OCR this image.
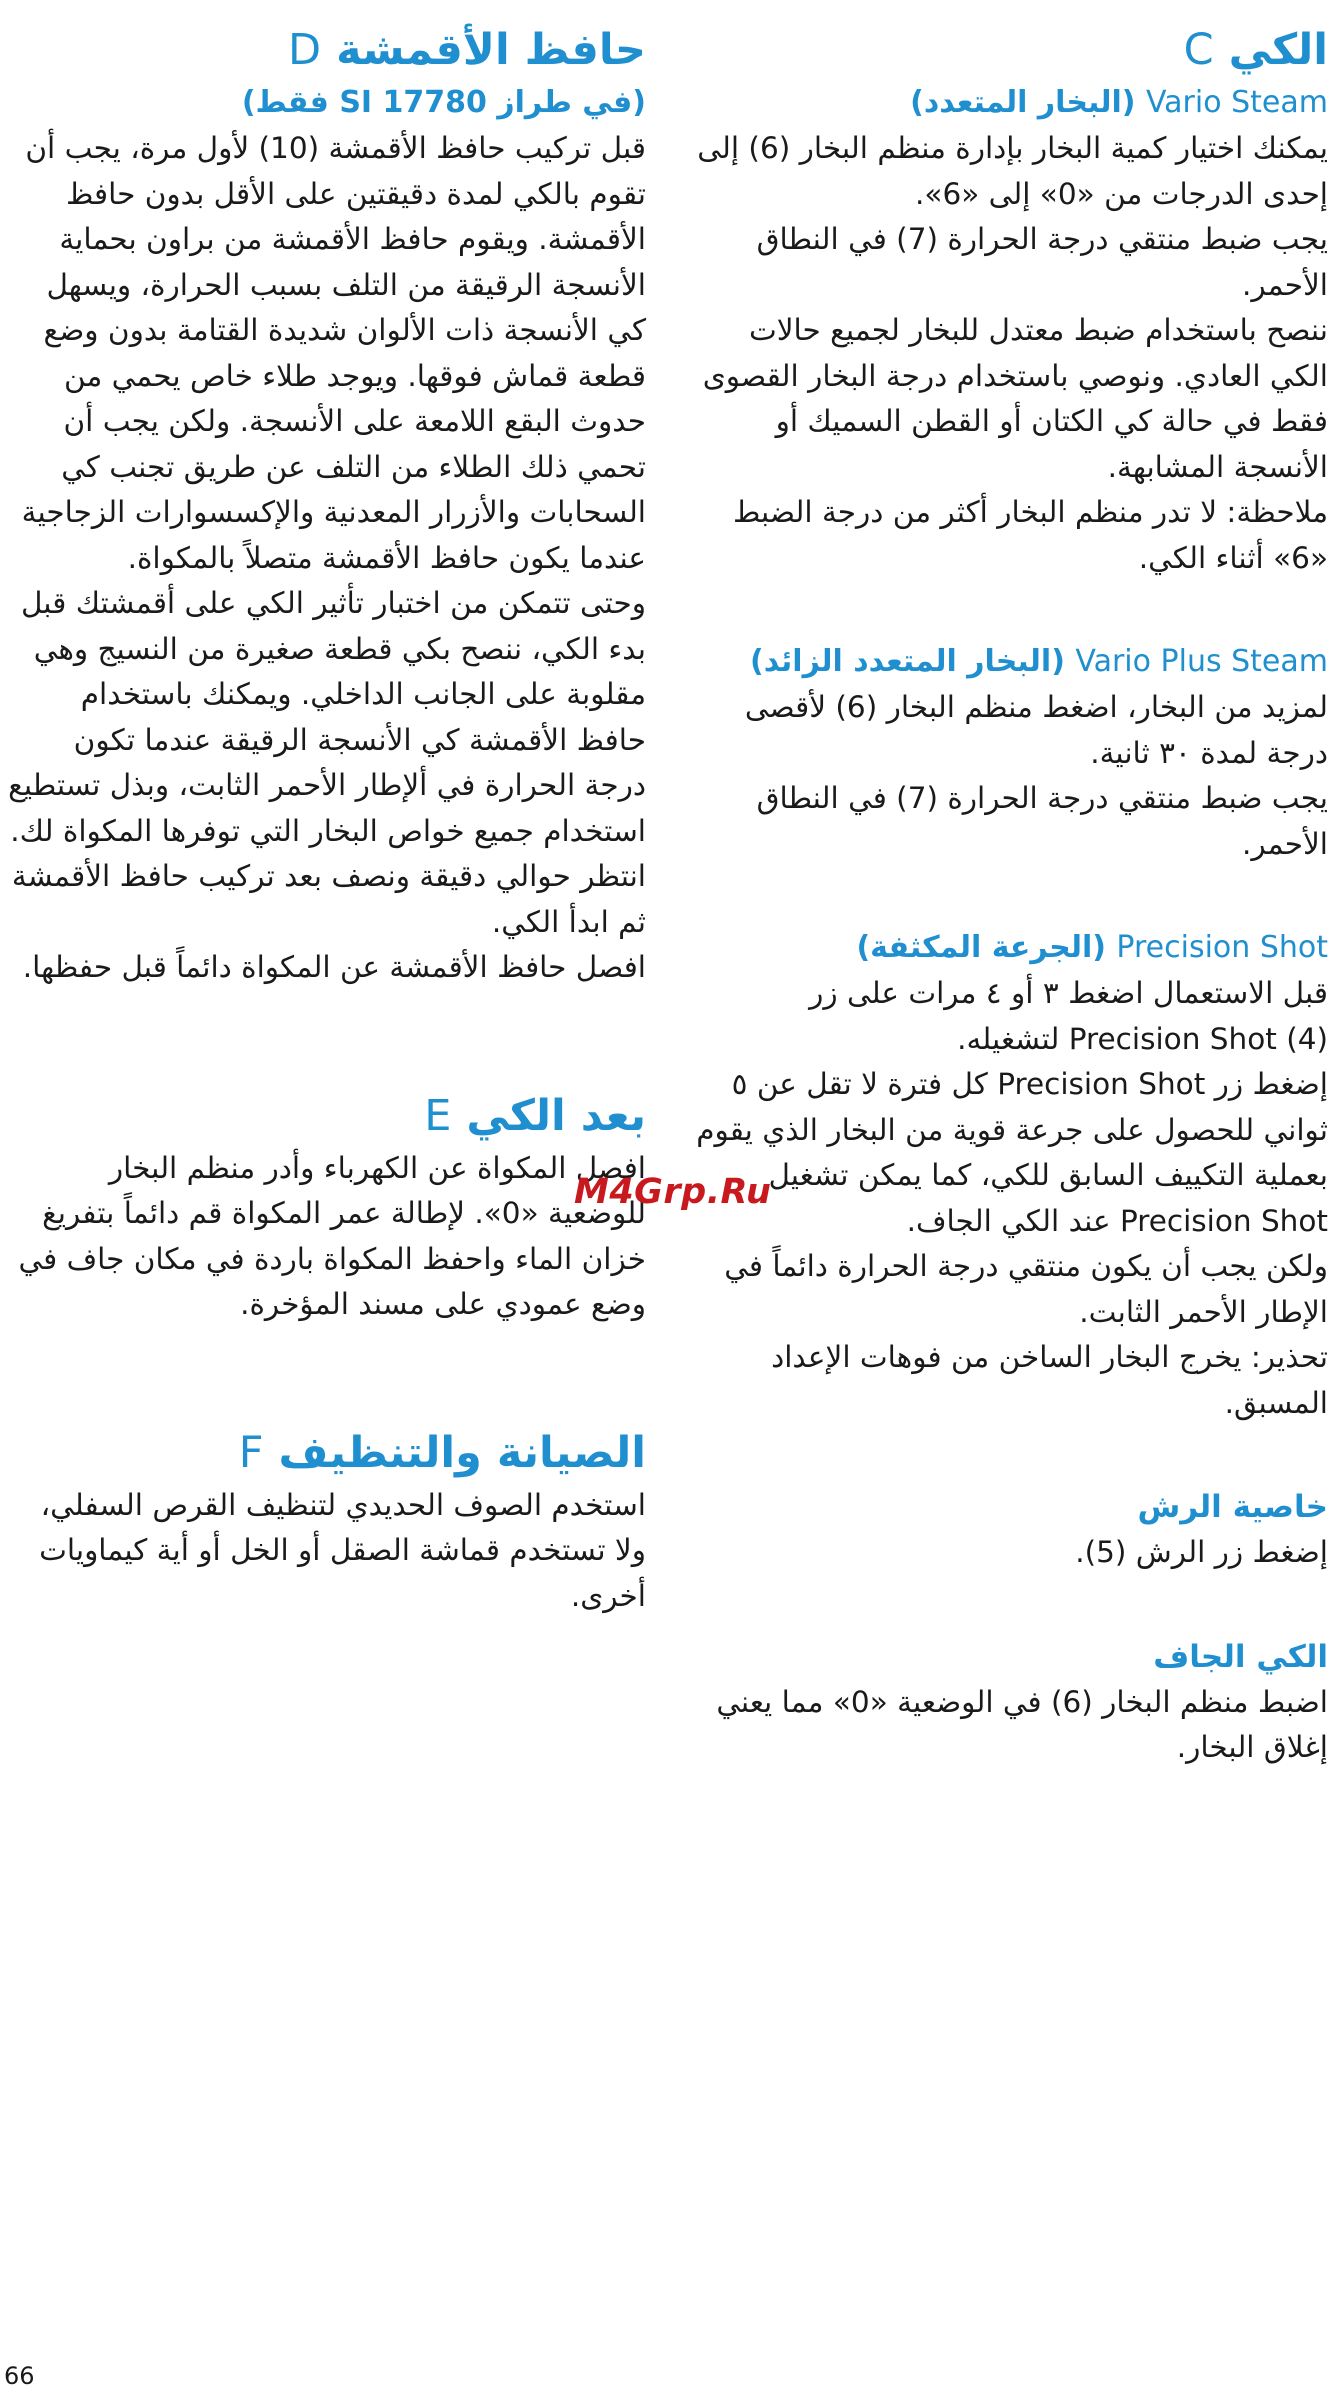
الكي C
Vario Steam (البخار المتعدد)

يمكنك اختيار كمية البخار بإدارة منظم البخار (6) إلى إحدى الدرجات من «0» إلى «6».

يجب ضبط منتقي درجة الحرارة (7) في النطاق الأحمر.

ننصح باستخدام ضبط معتدل للبخار لجميع حالات الكي العادي. ونوصي باستخدام درجة البخار القصوى فقط في حالة كي الكتان أو القطن السميك أو الأنسجة المشابهة.

ملاحظة: لا تدر منظم البخار أكثر من درجة الضبط «6» أثناء الكي.

Vario Plus Steam (البخار المتعدد الزائد)

لمزيد من البخار، اضغط منظم البخار (6) لأقصى درجة لمدة ٣٠ ثانية.

يجب ضبط منتقي درجة الحرارة (7) في النطاق الأحمر.

Precision Shot (الجرعة المكثفة)

قبل الاستعمال اضغط ٣ أو ٤ مرات على زر Precision Shot (4) لتشغيله.

إضغط زر Precision Shot كل فترة لا تقل عن ٥ ثواني للحصول على جرعة قوية من البخار الذي يقوم بعملية التكييف السابق للكي، كما يمكن تشغيل Precision Shot عند الكي الجاف.

ولكن يجب أن يكون منتقي درجة الحرارة دائماً في الإطار الأحمر الثابت.

تحذير: يخرج البخار الساخن من فوهات الإعداد المسبق.

خاصية الرش

إضغط زر الرش (5).

الكي الجاف

اضبط منظم البخار (6) في الوضعية «0» مما يعني إغلاق البخار.

حافظ الأقمشة D
(في طراز SI 17780 فقط)

قبل تركيب حافظ الأقمشة (10) لأول مرة، يجب أن تقوم بالكي لمدة دقيقتين على الأقل بدون حافظ الأقمشة. ويقوم حافظ الأقمشة من براون بحماية الأنسجة الرقيقة من التلف بسبب الحرارة، ويسهل كي الأنسجة ذات الألوان شديدة القتامة بدون وضع قطعة قماش فوقها. ويوجد طلاء خاص يحمي من حدوث البقع اللامعة على الأنسجة. ولكن يجب أن تحمي ذلك الطلاء من التلف عن طريق تجنب كي السحابات والأزرار المعدنية والإكسسوارات الزجاجية عندما يكون حافظ الأقمشة متصلاً بالمكواة.

وحتى تتمكن من اختبار تأثير الكي على أقمشتك قبل بدء الكي، ننصح بكي قطعة صغيرة من النسيج وهي مقلوبة على الجانب الداخلي. ويمكنك باستخدام حافظ الأقمشة كي الأنسجة الرقيقة عندما تكون درجة الحرارة في ألإطار الأحمر الثابت، وبذل تستطيع استخدام جميع خواص البخار التي توفرها المكواة لك.

انتظر حوالي دقيقة ونصف بعد تركيب حافظ الأقمشة ثم ابدأ الكي.

افصل حافظ الأقمشة عن المكواة دائماً قبل حفظها.

بعد الكي E

افصل المكواة عن الكهرباء وأدر منظم البخار للوضعية «0». لإطالة عمر المكواة قم دائماً بتفريغ خزان الماء واحفظ المكواة باردة في مكان جاف في وضع عمودي على مسند المؤخرة.

الصيانة والتنظيف F

استخدم الصوف الحديدي لتنظيف القرص السفلي، ولا تستخدم قماشة الصقل أو الخل أو أية كيماويات أخرى.

M4Grp.Ru
66
